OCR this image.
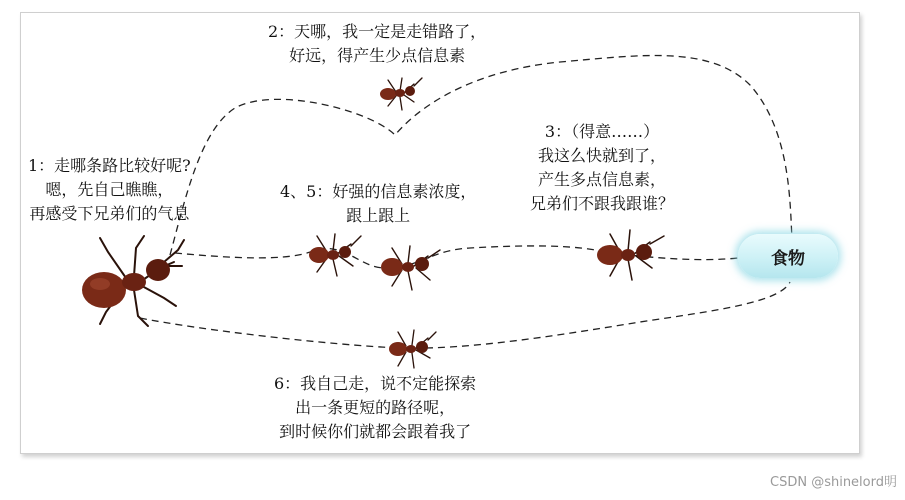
1：走哪条路比较好呢?
嗯，先自己瞧瞧，
再感受下兄弟们的气息
2：天哪，我一定是走错路了，
好远，得产生少点信息素
4、5：好强的信息素浓度，
跟上跟上
3：（得意……）
我这么快就到了，
产生多点信息素，
兄弟们不跟我跟谁？
6：我自己走，说不定能探索
出一条更短的路径呢，
到时候你们就都会跟着我了
食物
CSDN @shinelord明
